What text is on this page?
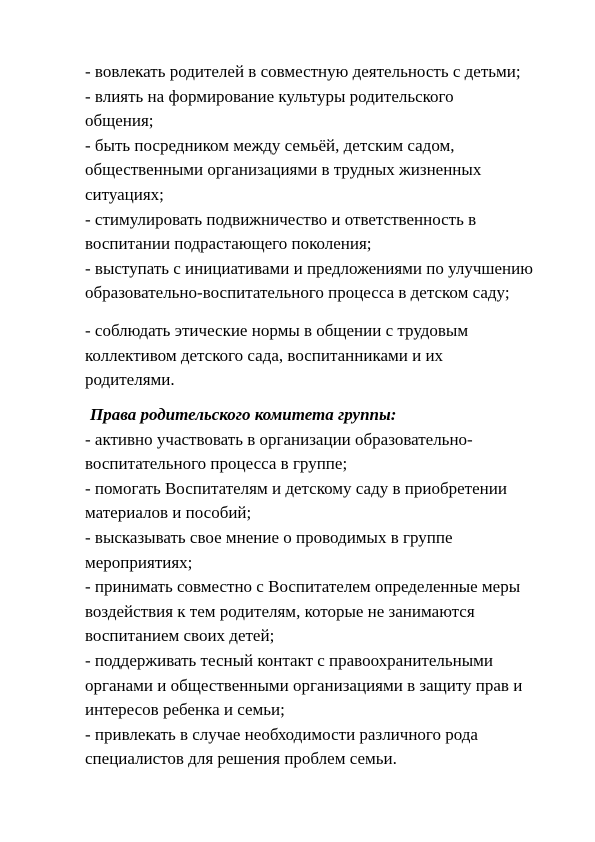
- вовлекать родителей в совместную деятельность с детьми;

- влиять на формирование культуры родительского

общения;

- быть посредником между семьёй, детским садом,

общественными организациями в трудных жизненных

ситуациях;

- стимулировать подвижничество и ответственность в

воспитании подрастающего поколения;

- выступать с инициативами и предложениями по улучшению

образовательно-воспитательного процесса в детском саду;

- соблюдать этические нормы в общении с трудовым

коллективом детского сада, воспитанниками и их

родителями.

Права родительского комитета группы:

- активно участвовать в организации образовательно-

воспитательного процесса в группе;

- помогать Воспитателям и детскому саду в приобретении

материалов и пособий;

- высказывать свое мнение о проводимых в группе

мероприятиях;

- принимать совместно с Воспитателем определенные меры

воздействия к тем родителям, которые не занимаются

воспитанием своих детей;

- поддерживать тесный контакт с правоохранительными

органами и общественными организациями в защиту прав и

интересов ребенка и семьи;

- привлекать в случае необходимости различного рода

специалистов для решения проблем семьи.
